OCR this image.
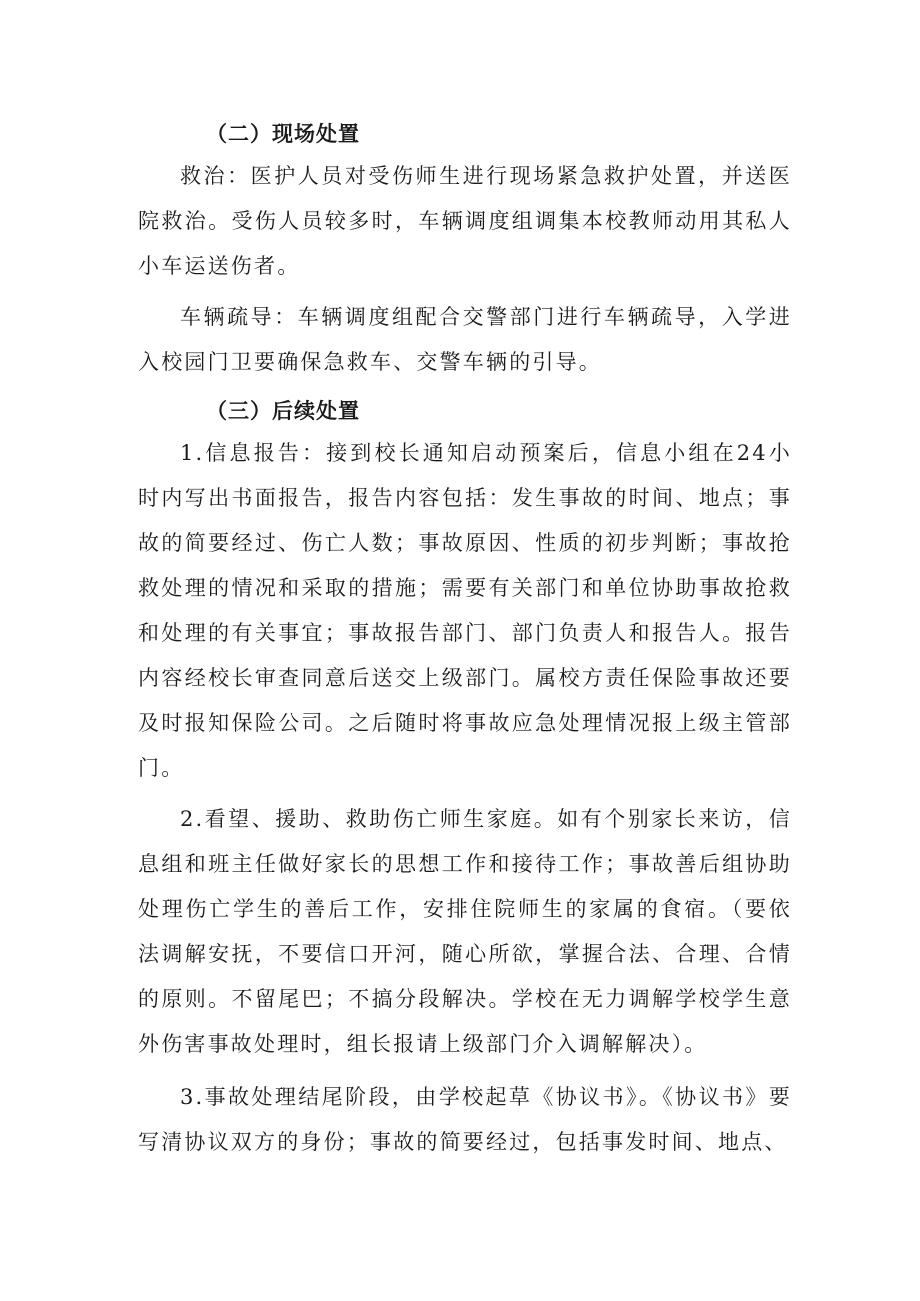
（二）现场处置

救治：医护人员对受伤师生进行现场紧急救护处置，并送医院救治。受伤人员较多时，车辆调度组调集本校教师动用其私人小车运送伤者。

车辆疏导：车辆调度组配合交警部门进行车辆疏导，入学进入校园门卫要确保急救车、交警车辆的引导。

（三）后续处置

1.信息报告：接到校长通知启动预案后，信息小组在24小时内写出书面报告，报告内容包括：发生事故的时间、地点；事故的简要经过、伤亡人数；事故原因、性质的初步判断；事故抢救处理的情况和采取的措施；需要有关部门和单位协助事故抢救和处理的有关事宜；事故报告部门、部门负责人和报告人。报告内容经校长审查同意后送交上级部门。属校方责任保险事故还要及时报知保险公司。之后随时将事故应急处理情况报上级主管部门。

2.看望、援助、救助伤亡师生家庭。如有个别家长来访，信息组和班主任做好家长的思想工作和接待工作；事故善后组协助处理伤亡学生的善后工作，安排住院师生的家属的食宿。（要依法调解安抚，不要信口开河，随心所欲，掌握合法、合理、合情的原则。不留尾巴；不搞分段解决。学校在无力调解学校学生意外伤害事故处理时，组长报请上级部门介入调解解决）。

3.事故处理结尾阶段，由学校起草《协议书》。《协议书》要写清协议双方的身份；事故的简要经过，包括事发时间、地点、
